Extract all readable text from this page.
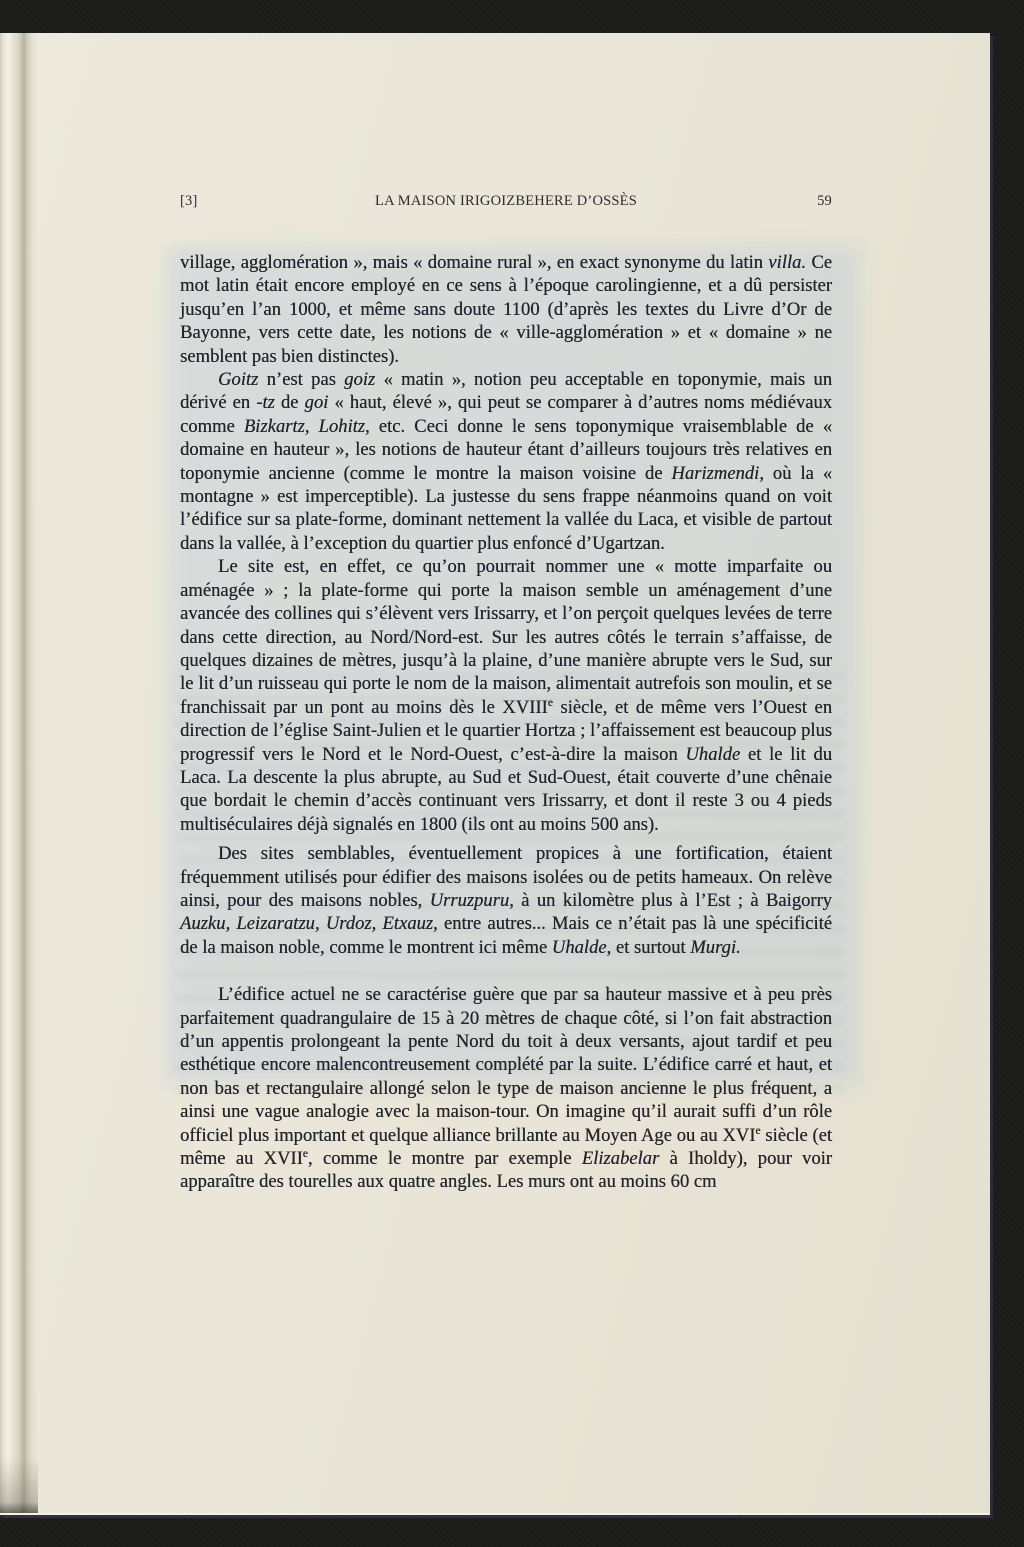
[3]	LA MAISON IRIGOIZBEHERE D’OSSÈS	59

village, agglomération », mais « domaine rural », en exact synonyme du latin villa. Ce mot latin était encore employé en ce sens à l’époque carolingienne, et a dû persister jusqu’en l’an 1000, et même sans doute 1100 (d’après les textes du Livre d’Or de Bayonne, vers cette date, les notions de « ville-agglomération » et « domaine » ne semblent pas bien distinctes).

Goitz n’est pas goiz « matin », notion peu acceptable en toponymie, mais un dérivé en -tz de goi « haut, élevé », qui peut se comparer à d’autres noms médiévaux comme Bizkartz, Lohitz, etc. Ceci donne le sens toponymique vraisemblable de « domaine en hauteur », les notions de hauteur étant d’ailleurs toujours très relatives en toponymie ancienne (comme le montre la maison voisine de Harizmendi, où la « montagne » est imperceptible). La justesse du sens frappe néanmoins quand on voit l’édifice sur sa plate-forme, dominant nettement la vallée du Laca, et visible de partout dans la vallée, à l’exception du quartier plus enfoncé d’Ugartzan.

Le site est, en effet, ce qu’on pourrait nommer une « motte imparfaite ou aménagée » ; la plate-forme qui porte la maison semble un aménagement d’une avancée des collines qui s’élèvent vers Irissarry, et l’on perçoit quelques levées de terre dans cette direction, au Nord/Nord-est. Sur les autres côtés le terrain s’affaisse, de quelques dizaines de mètres, jusqu’à la plaine, d’une manière abrupte vers le Sud, sur le lit d’un ruisseau qui porte le nom de la maison, alimentait autrefois son moulin, et se franchissait par un pont au moins dès le XVIIIe siècle, et de même vers l’Ouest en direction de l’église Saint-Julien et le quartier Hortza ; l’affaissement est beaucoup plus progressif vers le Nord et le Nord-Ouest, c’est-à-dire la maison Uhalde et le lit du Laca. La descente la plus abrupte, au Sud et Sud-Ouest, était couverte d’une chênaie que bordait le chemin d’accès continuant vers Irissarry, et dont il reste 3 ou 4 pieds multiséculaires déjà signalés en 1800 (ils ont au moins 500 ans).

Des sites semblables, éventuellement propices à une fortification, étaient fréquemment utilisés pour édifier des maisons isolées ou de petits hameaux. On relève ainsi, pour des maisons nobles, Urruzpuru, à un kilomètre plus à l’Est ; à Baigorry Auzku, Leizaratzu, Urdoz, Etxauz, entre autres... Mais ce n’était pas là une spécificité de la maison noble, comme le montrent ici même Uhalde, et surtout Murgi.

L’édifice actuel ne se caractérise guère que par sa hauteur massive et à peu près parfaitement quadrangulaire de 15 à 20 mètres de chaque côté, si l’on fait abstraction d’un appentis prolongeant la pente Nord du toit à deux versants, ajout tardif et peu esthétique encore malencontreusement complété par la suite. L’édifice carré et haut, et non bas et rectangulaire allongé selon le type de maison ancienne le plus fréquent, a ainsi une vague analogie avec la maison-tour. On imagine qu’il aurait suffi d’un rôle officiel plus important et quelque alliance brillante au Moyen Age ou au XVIe siècle (et même au XVIIe, comme le montre par exemple Elizabelar à Iholdy), pour voir apparaître des tourelles aux quatre angles. Les murs ont au moins 60 cm
